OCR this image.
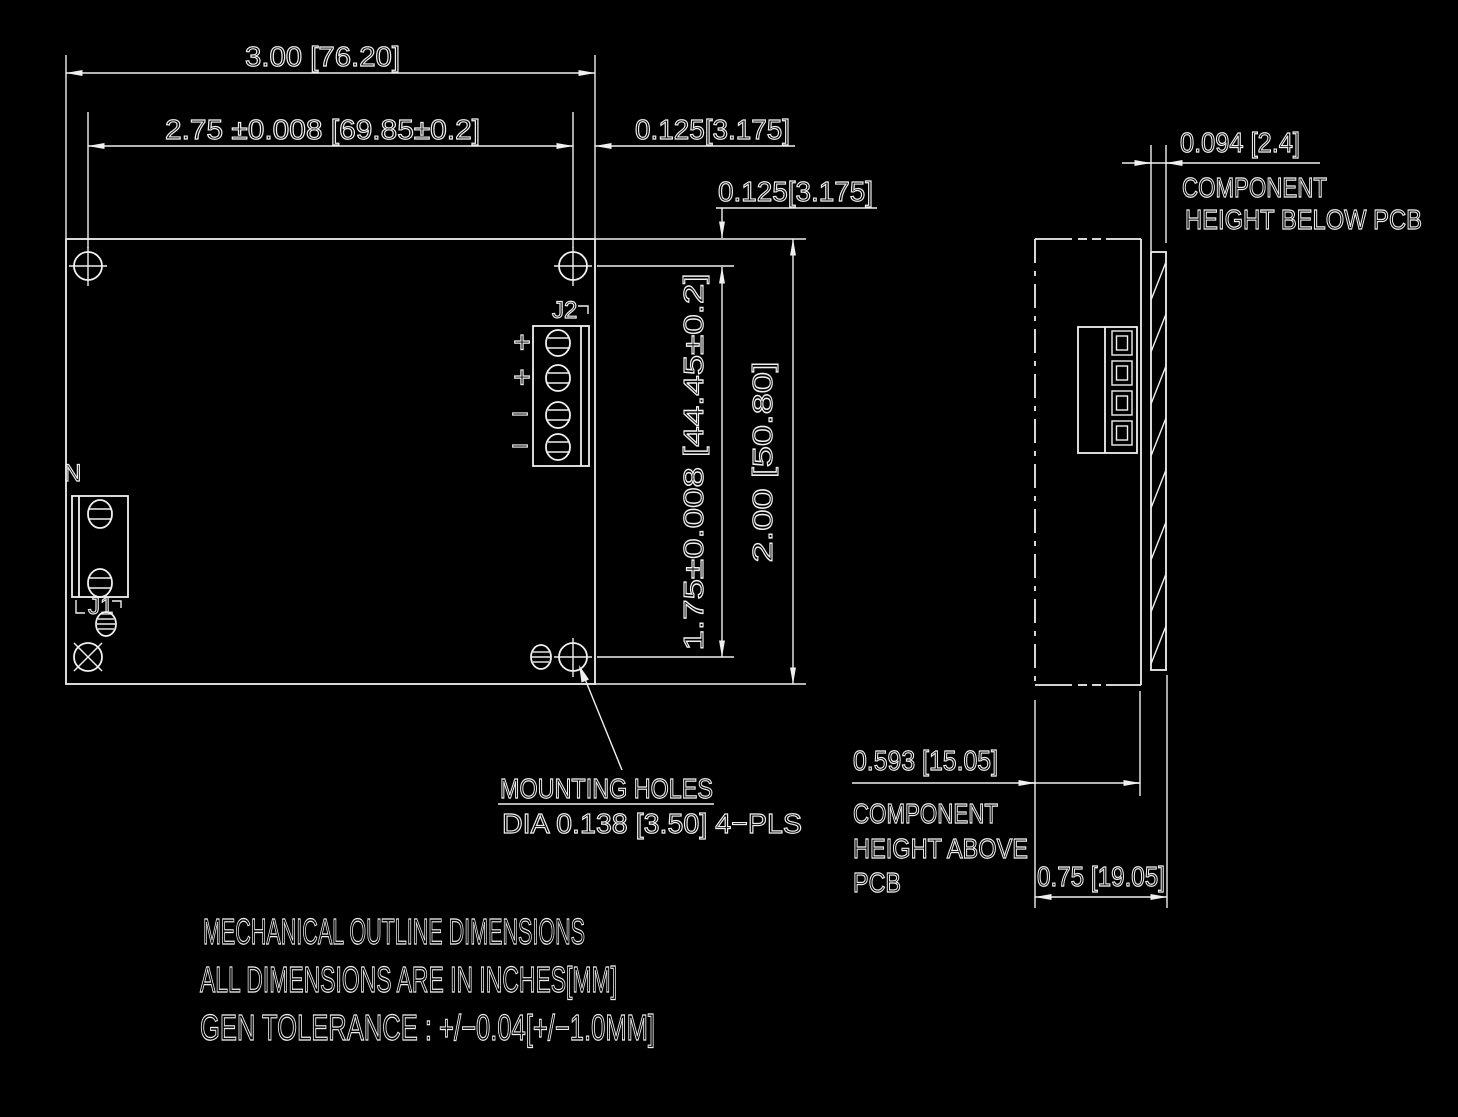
J2
+
+
−
−
N
J1
3.00 [76.20]
2.75 ±0.008 [69.85±0.2]	0.125[3.175]
0.125[3.175]
1.75±0.008 [44.45±0.2] 2.00 [50.80]
MOUNTING HOLES
DIA 0.138 [3.50] 4−PLS
0.094 [2.4]
COMPONENT
HEIGHT BELOW PCB
0.593 [15.05]
COMPONENT
HEIGHT ABOVE
PCB	0.75 [19.05]
MECHANICAL OUTLINE DIMENSIONS
ALL DIMENSIONS ARE IN INCHES[MM]
GEN TOLERANCE : +/−0.04[+/−1.0MM]
